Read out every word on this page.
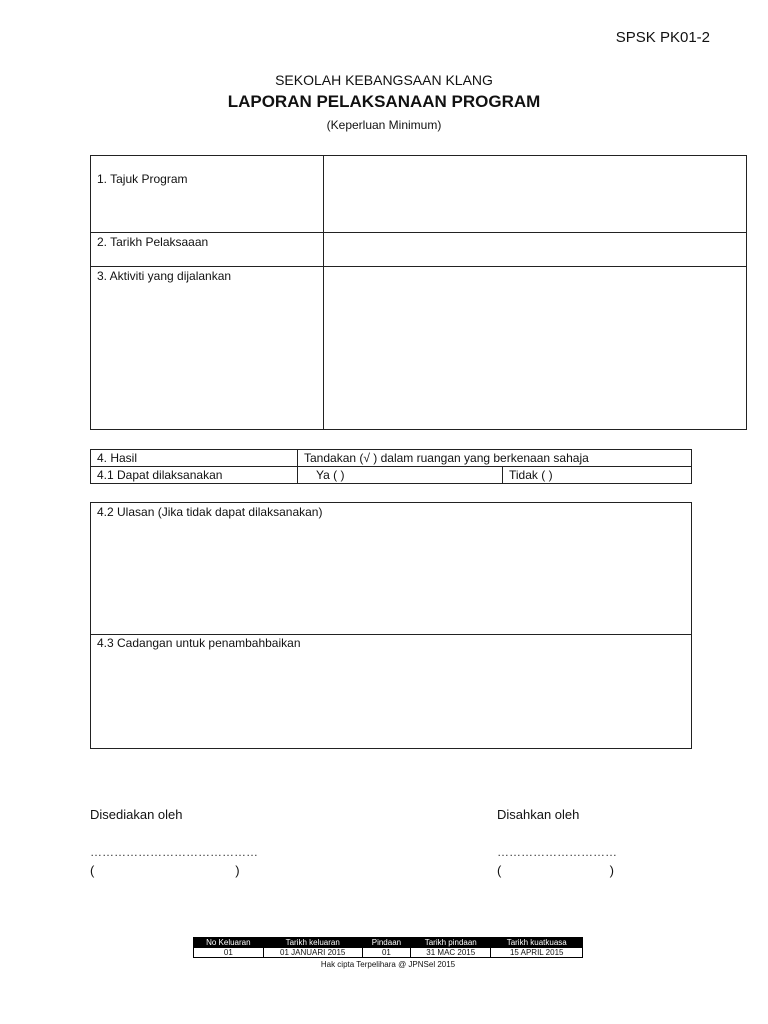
SPSK PK01-2
SEKOLAH KEBANGSAAN KLANG
LAPORAN PELAKSANAAN PROGRAM
(Keperluan Minimum)
1. Tajuk Program	
2. Tarikh Pelaksaaan	
3. Aktiviti yang dijalankan	
4. Hasil	Tandakan (√ ) dalam ruangan yang berkenaan sahaja	
4.1 Dapat dilaksanakan	Ya ( )	Tidak ( )
4.2 Ulasan (Jika tidak dapat dilaksanakan)
4.3 Cadangan untuk penambahbaikan
Disediakan oleh
……………………………………
(                                       )
Disahkan oleh
…………………………
(                              )
No Keluaran	Tarikh keluaran	Pindaan	Tarikh pindaan	Tarikh kuatkuasa
01	01 JANUARI 2015	01	31 MAC 2015	15 APRIL 2015
Hak cipta Terpelihara @ JPNSel 2015
